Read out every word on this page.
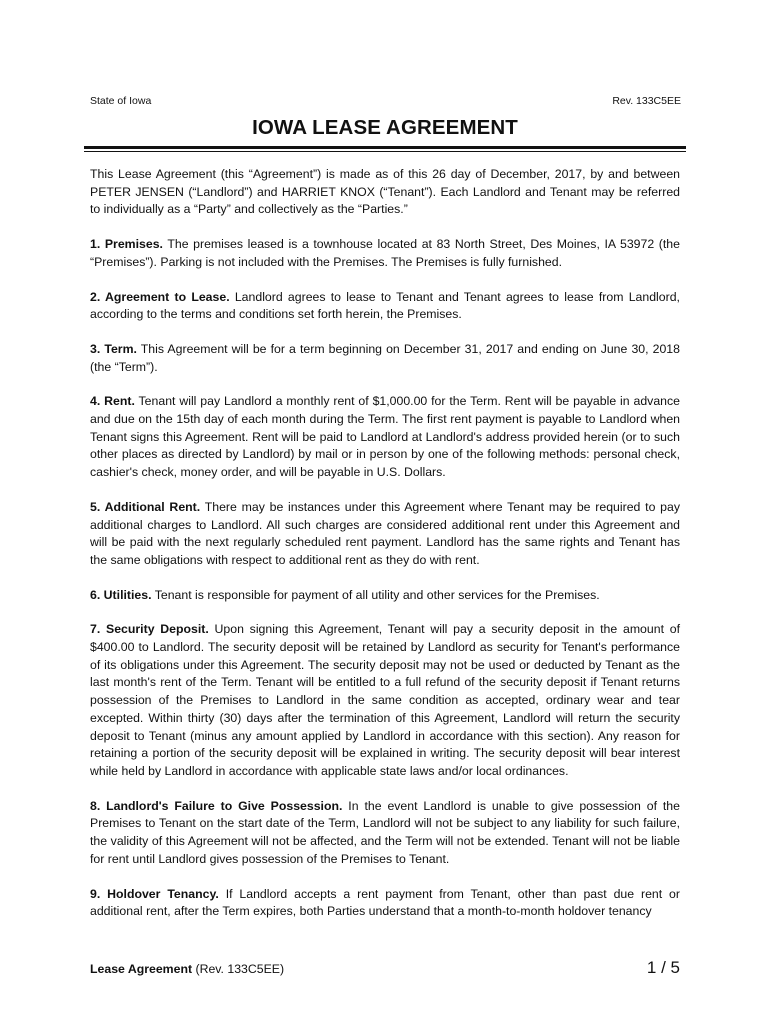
State of Iowa	Rev. 133C5EE
IOWA LEASE AGREEMENT

This Lease Agreement (this “Agreement”) is made as of this 26 day of December, 2017, by and between PETER JENSEN (“Landlord”) and HARRIET KNOX (“Tenant”). Each Landlord and Tenant may be referred to individually as a “Party” and collectively as the “Parties.”

1. Premises. The premises leased is a townhouse located at 83 North Street, Des Moines, IA 53972 (the “Premises”). Parking is not included with the Premises. The Premises is fully furnished.

2. Agreement to Lease. Landlord agrees to lease to Tenant and Tenant agrees to lease from Landlord, according to the terms and conditions set forth herein, the Premises.

3. Term. This Agreement will be for a term beginning on December 31, 2017 and ending on June 30, 2018 (the “Term”).

4. Rent. Tenant will pay Landlord a monthly rent of $1,000.00 for the Term. Rent will be payable in advance and due on the 15th day of each month during the Term. The first rent payment is payable to Landlord when Tenant signs this Agreement. Rent will be paid to Landlord at Landlord's address provided herein (or to such other places as directed by Landlord) by mail or in person by one of the following methods: personal check, cashier's check, money order, and will be payable in U.S. Dollars.

5. Additional Rent. There may be instances under this Agreement where Tenant may be required to pay additional charges to Landlord. All such charges are considered additional rent under this Agreement and will be paid with the next regularly scheduled rent payment. Landlord has the same rights and Tenant has the same obligations with respect to additional rent as they do with rent.

6. Utilities. Tenant is responsible for payment of all utility and other services for the Premises.

7. Security Deposit. Upon signing this Agreement, Tenant will pay a security deposit in the amount of $400.00 to Landlord. The security deposit will be retained by Landlord as security for Tenant's performance of its obligations under this Agreement. The security deposit may not be used or deducted by Tenant as the last month's rent of the Term. Tenant will be entitled to a full refund of the security deposit if Tenant returns possession of the Premises to Landlord in the same condition as accepted, ordinary wear and tear excepted. Within thirty (30) days after the termination of this Agreement, Landlord will return the security deposit to Tenant (minus any amount applied by Landlord in accordance with this section). Any reason for retaining a portion of the security deposit will be explained in writing. The security deposit will bear interest while held by Landlord in accordance with applicable state laws and/or local ordinances.

8. Landlord's Failure to Give Possession. In the event Landlord is unable to give possession of the Premises to Tenant on the start date of the Term, Landlord will not be subject to any liability for such failure, the validity of this Agreement will not be affected, and the Term will not be extended. Tenant will not be liable for rent until Landlord gives possession of the Premises to Tenant.

9. Holdover Tenancy. If Landlord accepts a rent payment from Tenant, other than past due rent or additional rent, after the Term expires, both Parties understand that a month-to-month holdover tenancy

Lease Agreement (Rev. 133C5EE)	1 / 5
